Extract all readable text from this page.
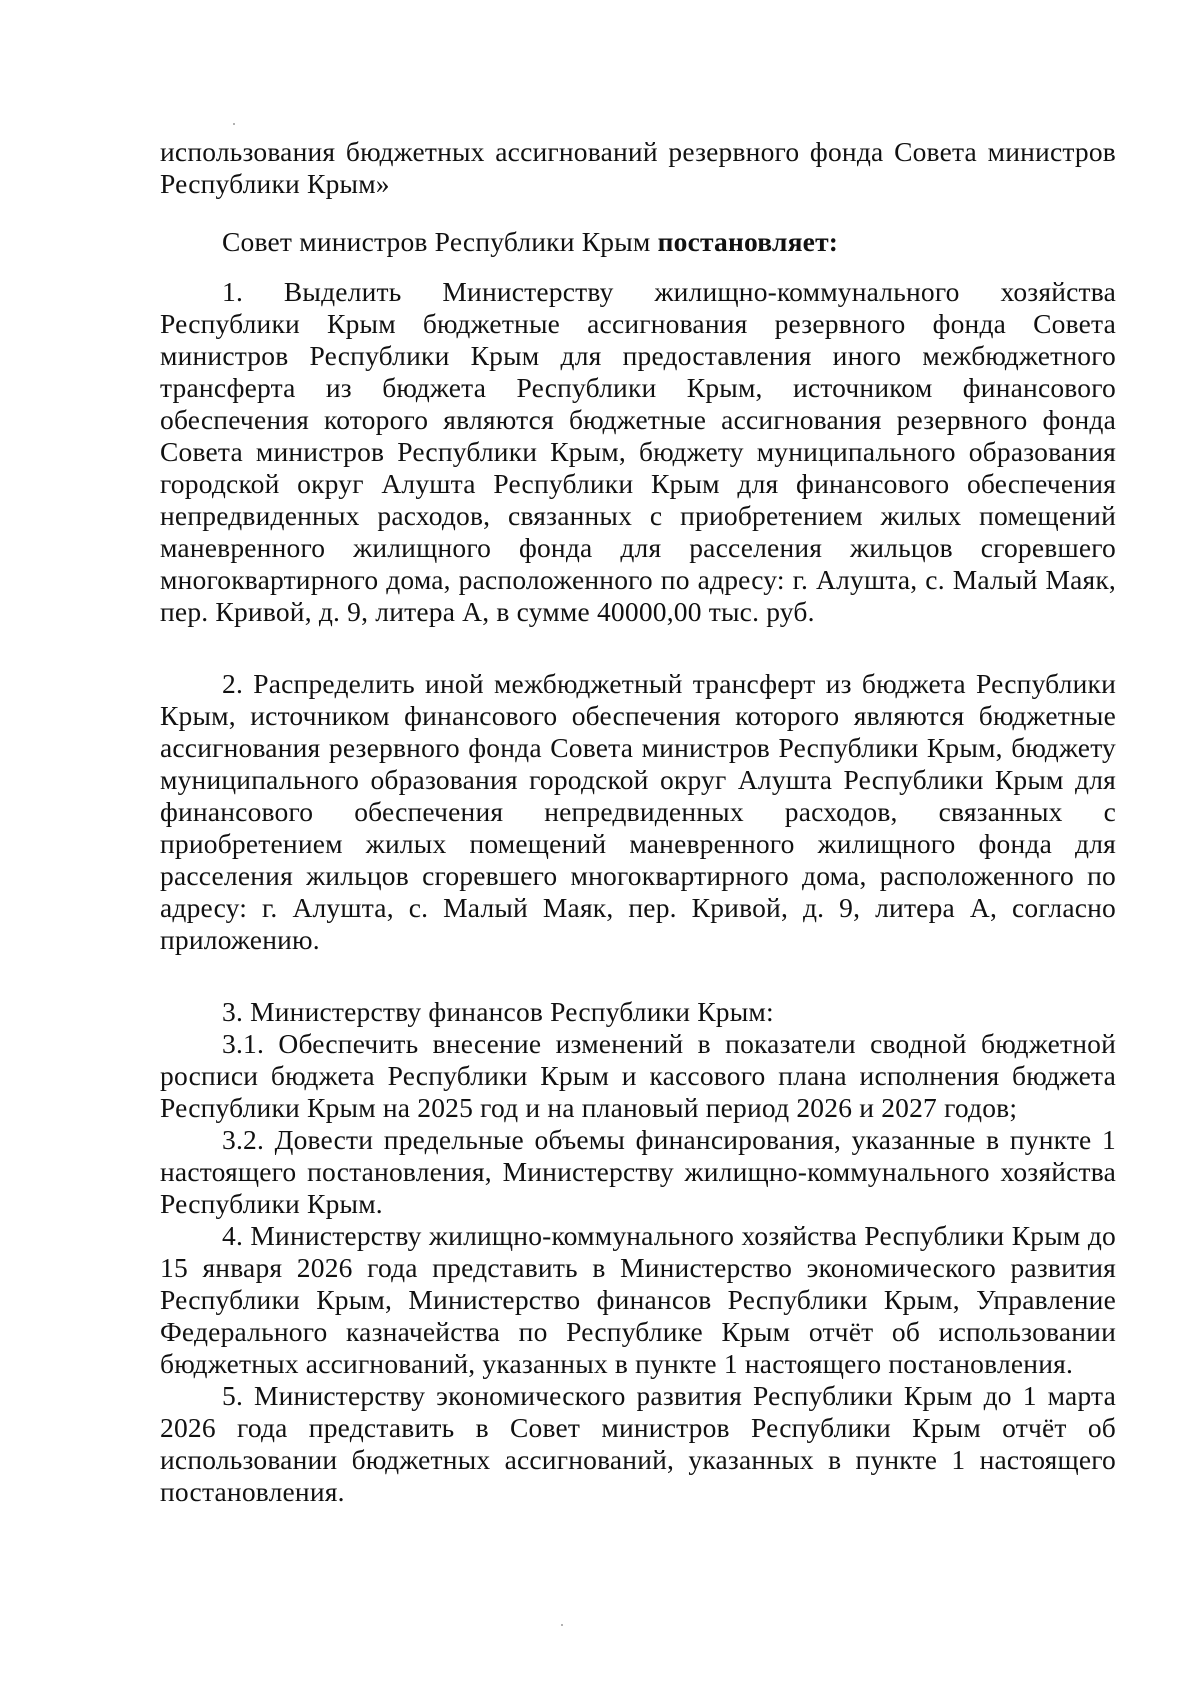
использования бюджетных ассигнований резервного фонда Совета министров Республики Крым»

Совет министров Республики Крым постановляет:

1. Выделить Министерству жилищно-коммунального хозяйства Республики Крым бюджетные ассигнования резервного фонда Совета министров Республики Крым для предоставления иного межбюджетного трансферта из бюджета Республики Крым, источником финансового обеспечения которого являются бюджетные ассигнования резервного фонда Совета министров Республики Крым, бюджету муниципального образования городской округ Алушта Республики Крым для финансового обеспечения непредвиденных расходов, связанных с приобретением жилых помещений маневренного жилищного фонда для расселения жильцов сгоревшего многоквартирного дома, расположенного по адресу: г. Алушта, с. Малый Маяк, пер. Кривой, д. 9, литера А, в сумме 40000,00 тыс. руб.

2. Распределить иной межбюджетный трансферт из бюджета Республики Крым, источником финансового обеспечения которого являются бюджетные ассигнования резервного фонда Совета министров Республики Крым, бюджету муниципального образования городской округ Алушта Республики Крым для финансового обеспечения непредвиденных расходов, связанных с приобретением жилых помещений маневренного жилищного фонда для расселения жильцов сгоревшего многоквартирного дома, расположенного по адресу: г. Алушта, с. Малый Маяк, пер. Кривой, д. 9, литера А, согласно приложению.

3. Министерству финансов Республики Крым:

3.1. Обеспечить внесение изменений в показатели сводной бюджетной росписи бюджета Республики Крым и кассового плана исполнения бюджета Республики Крым на 2025 год и на плановый период 2026 и 2027 годов;

3.2. Довести предельные объемы финансирования, указанные в пункте 1 настоящего постановления, Министерству жилищно-коммунального хозяйства Республики Крым.

4. Министерству жилищно-коммунального хозяйства Республики Крым до 15 января 2026 года представить в Министерство экономического развития Республики Крым, Министерство финансов Республики Крым, Управление Федерального казначейства по Республике Крым отчёт об использовании бюджетных ассигнований, указанных в пункте 1 настоящего постановления.

5. Министерству экономического развития Республики Крым до 1 марта 2026 года представить в Совет министров Республики Крым отчёт об использовании бюджетных ассигнований, указанных в пункте 1 настоящего постановления.
